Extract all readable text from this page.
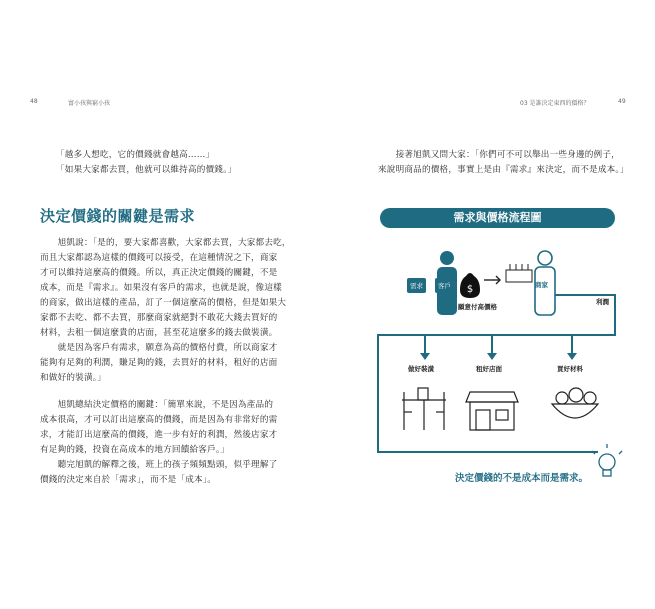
48	富小孩與窮小孩	03 是誰決定東西的價格？	49
「越多人想吃，它的價錢就會越高……」
「如果大家都去買，他就可以維持高的價錢。」
決定價錢的關鍵是需求
　　旭凱說：「是的，要大家都喜歡，大家都去買，大家都去吃，
而且大家都認為這樣的價錢可以接受，在這種情況之下，商家
才可以維持這麼高的價錢。所以，真正決定價錢的關鍵，不是
成本，而是『需求』。如果沒有客戶的需求，也就是說，像這樣
的商家，做出這樣的產品，訂了一個這麼高的價格，但是如果大
家都不去吃、都不去買，那麼商家就絕對不敢花大錢去買好的
材料，去租一個這麼貴的店面，甚至花這麼多的錢去做裝潢。
　　就是因為客戶有需求，願意為高的價格付費，所以商家才
能夠有足夠的利潤，賺足夠的錢，去買好的材料，租好的店面
和做好的裝潢。」
　　旭凱總結決定價格的關鍵：「簡單來說，不是因為產品的
成本很高，才可以訂出這麼高的價錢，而是因為有非常好的需
求，才能訂出這麼高的價錢，進一步有好的利潤，然後店家才
有足夠的錢，投資在高成本的地方回饋給客戶。」
　　聽完旭凱的解釋之後，班上的孩子頻頻點頭，似乎理解了
價錢的決定來自於「需求」，而不是「成本」。
　　接著旭凱又問大家：「你們可不可以舉出一些身邊的例子，
來說明商品的價格，事實上是由『需求』來決定，而不是成本。」
需求與價格流程圖
$
需求	客戶
願意付高價格
商家
利潤
做好裝潢	租好店面	買好材料
決定價錢的不是成本而是需求。
